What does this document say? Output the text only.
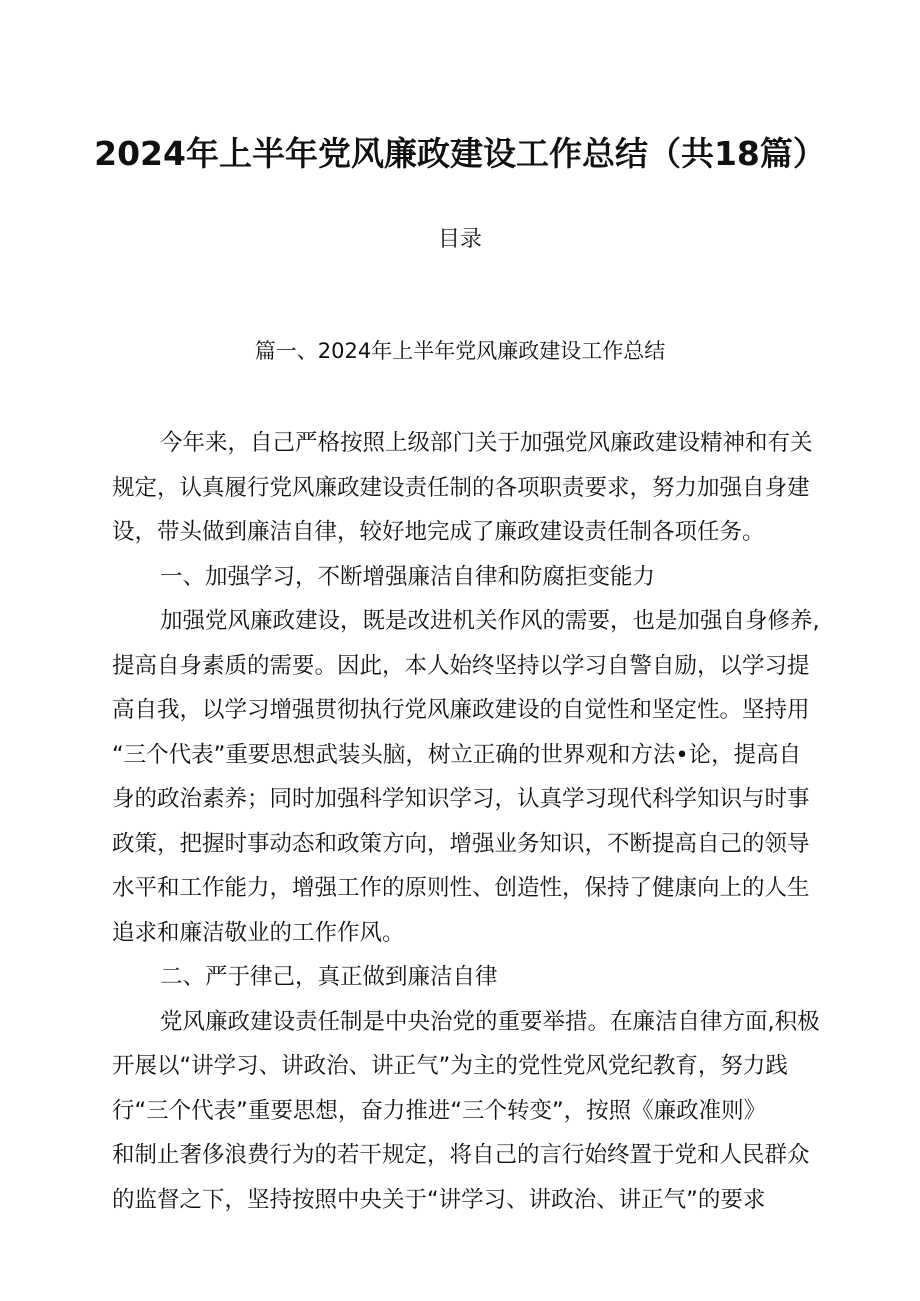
2024年上半年党风廉政建设工作总结（共18篇）
目录
篇一、2024年上半年党风廉政建设工作总结
今年来，自己严格按照上级部门关于加强党风廉政建设精神和有关
规定，认真履行党风廉政建设责任制的各项职责要求，努力加强自身建
设，带头做到廉洁自律，较好地完成了廉政建设责任制各项任务。
一、加强学习，不断增强廉洁自律和防腐拒变能力
加强党风廉政建设，既是改进机关作风的需要，也是加强自身修养,
提高自身素质的需要。因此，本人始终坚持以学习自警自励，以学习提
高自我，以学习增强贯彻执行党风廉政建设的自觉性和坚定性。坚持用
“三个代表”重要思想武装头脑，树立正确的世界观和方法•论，提高自
身的政治素养；同时加强科学知识学习，认真学习现代科学知识与时事
政策，把握时事动态和政策方向，增强业务知识，不断提高自己的领导
水平和工作能力，增强工作的原则性、创造性，保持了健康向上的人生
追求和廉洁敬业的工作作风。
二、严于律己，真正做到廉洁自律
党风廉政建设责任制是中央治党的重要举措。在廉洁自律方面,积极
开展以“讲学习、讲政治、讲正气”为主的党性党风党纪教育，努力践
行“三个代表”重要思想，奋力推进“三个转变”，按照《廉政准则》
和制止奢侈浪费行为的若干规定，将自己的言行始终置于党和人民群众
的监督之下，坚持按照中央关于“讲学习、讲政治、讲正气”的要求
